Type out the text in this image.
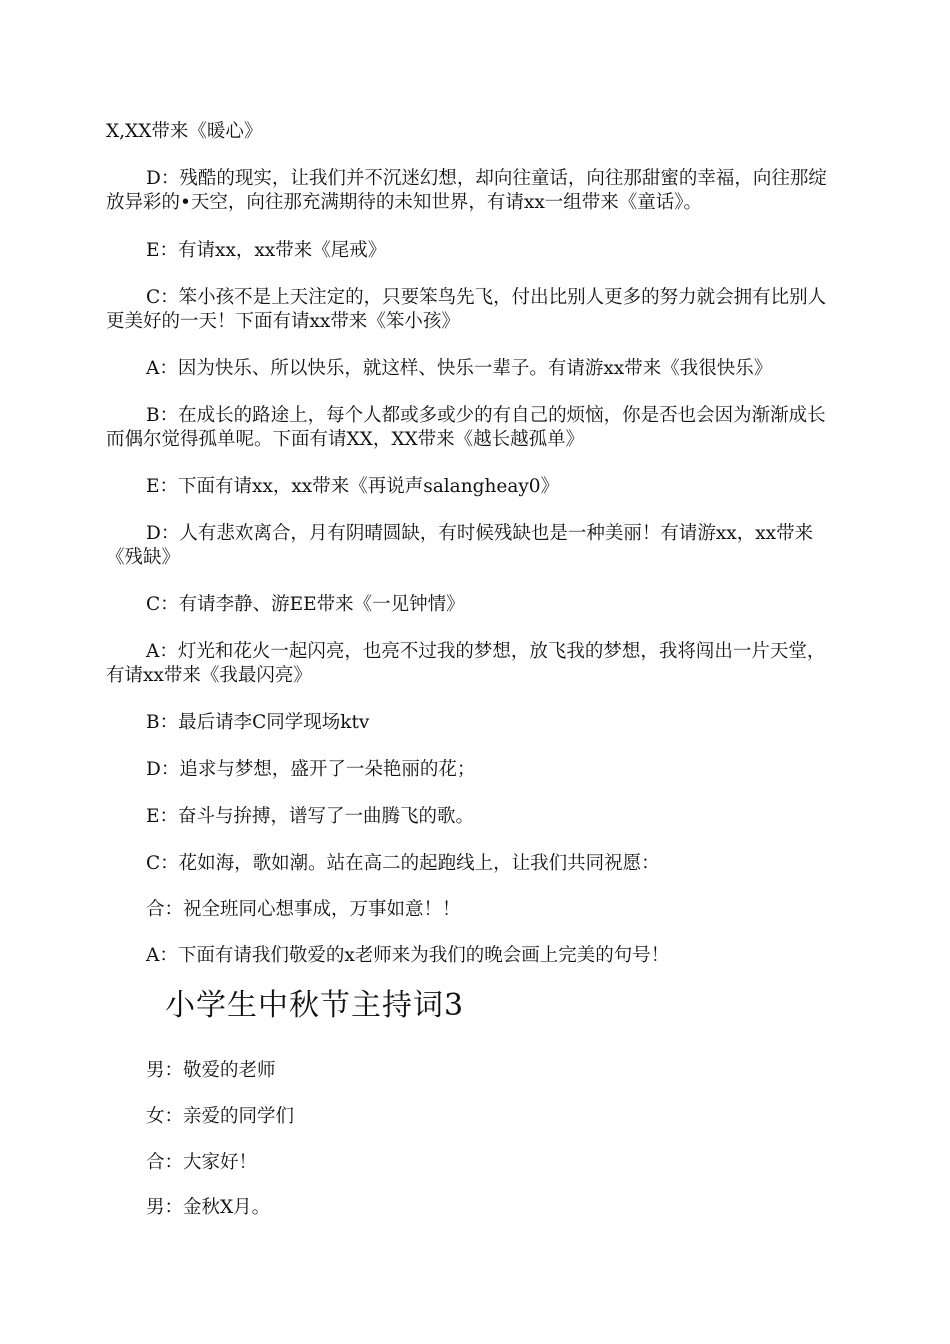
X,XX带来《暖心》

D：残酷的现实，让我们并不沉迷幻想，却向往童话，向往那甜蜜的幸福，向往那绽放异彩的•天空，向往那充满期待的未知世界，有请xx一组带来《童话》。

E：有请xx，xx带来《尾戒》

C：笨小孩不是上天注定的，只要笨鸟先飞，付出比别人更多的努力就会拥有比别人更美好的一天！下面有请xx带来《笨小孩》

A：因为快乐、所以快乐，就这样、快乐一辈子。有请游xx带来《我很快乐》

B：在成长的路途上，每个人都或多或少的有自己的烦恼，你是否也会因为渐渐成长而偶尔觉得孤单呢。下面有请XX，XX带来《越长越孤单》

E：下面有请xx，xx带来《再说声salangheay0》

D：人有悲欢离合，月有阴晴圆缺，有时候残缺也是一种美丽！有请游xx，xx带来《残缺》

C：有请李静、游EE带来《一见钟情》

A：灯光和花火一起闪亮，也亮不过我的梦想，放飞我的梦想，我将闯出一片天堂，有请xx带来《我最闪亮》

B：最后请李C同学现场ktv

D：追求与梦想，盛开了一朵艳丽的花；

E：奋斗与拚搏，谱写了一曲腾飞的歌。

C：花如海，歌如潮。站在高二的起跑线上，让我们共同祝愿：

合：祝全班同心想事成，万事如意！！

A：下面有请我们敬爱的x老师来为我们的晚会画上完美的句号！

小学生中秋节主持词3

男：敬爱的老师

女：亲爱的同学们

合：大家好！

男：金秋X月。
